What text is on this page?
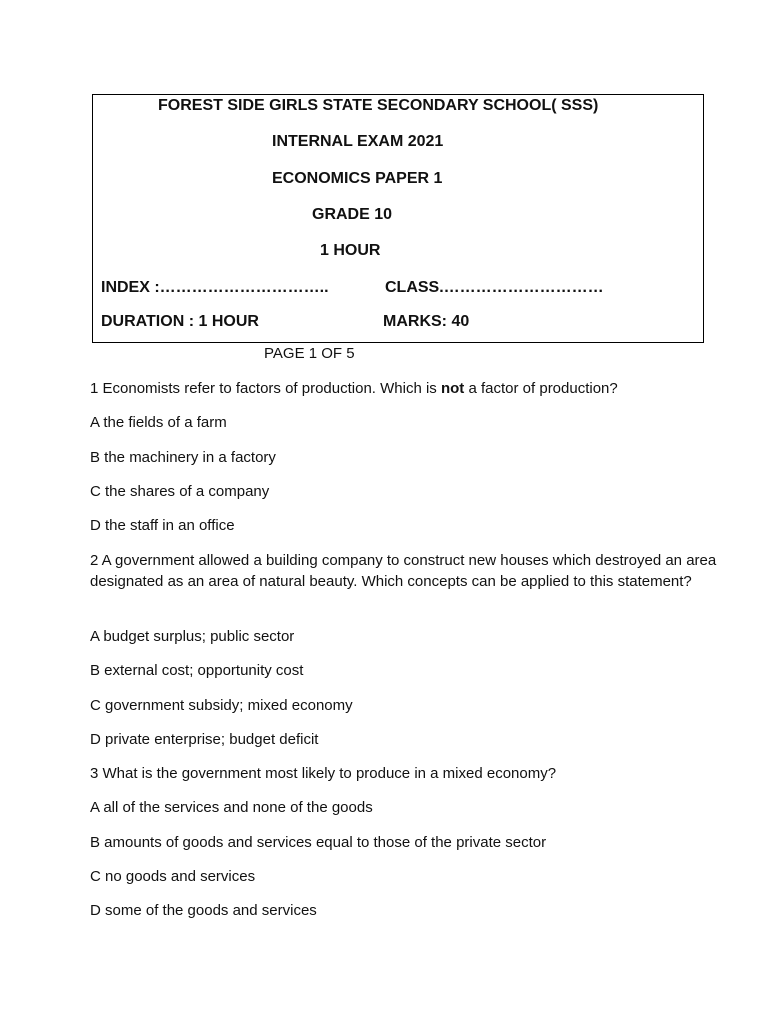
FOREST SIDE GIRLS STATE SECONDARY SCHOOL( SSS)
INTERNAL EXAM 2021
ECONOMICS PAPER 1
GRADE 10
1 HOUR
INDEX :…………………………..	CLASS.…………………………
DURATION : 1 HOUR	MARKS: 40
PAGE 1 OF 5
1 Economists refer to factors of production. Which is not a factor of production?
A the fields of a farm
B the machinery in a factory
C the shares of a company
D the staff in an office
2 A government allowed a building company to construct new houses which destroyed an area designated as an area of natural beauty. Which concepts can be applied to this statement?
A budget surplus; public sector
B external cost; opportunity cost
C government subsidy; mixed economy
D private enterprise; budget deficit
3 What is the government most likely to produce in a mixed economy?
A all of the services and none of the goods
B amounts of goods and services equal to those of the private sector
C no goods and services
D some of the goods and services
